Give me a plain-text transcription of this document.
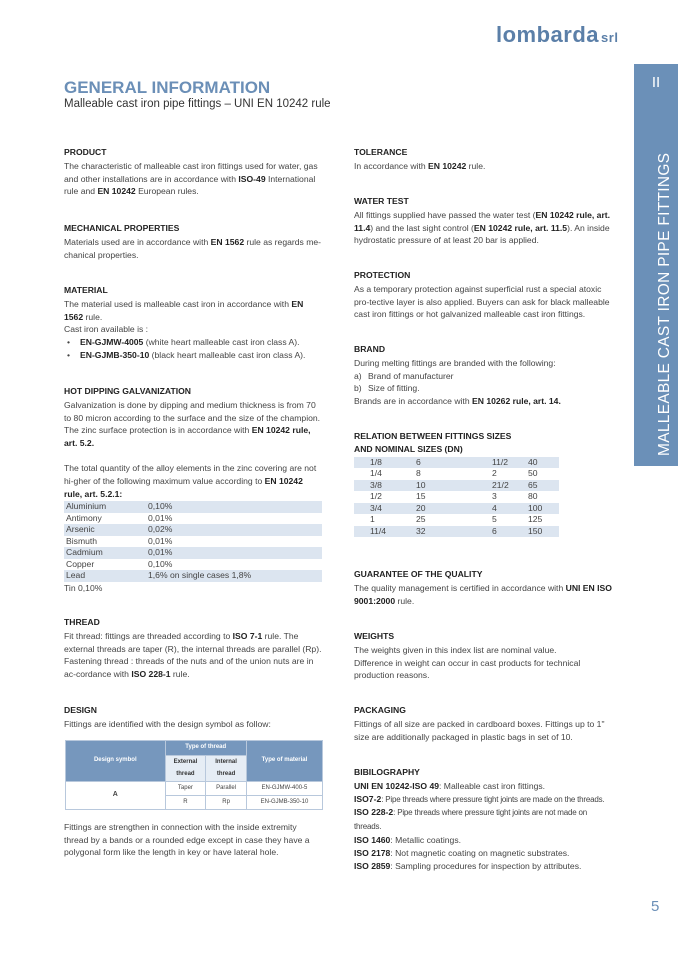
lombarda srl
II
MALLEABLE CAST IRON PIPE FITTINGS
GENERAL INFORMATION
Malleable cast iron pipe fittings – UNI EN 10242 rule
PRODUCT

The characteristic of malleable cast iron fittings used for water, gas and other installations are in accordance with ISO-49 International rule and EN 10242 European rules.

MECHANICAL PROPERTIES

Materials used are in accordance with EN 1562 rule as regards me-chanical properties.

MATERIAL

The material used is malleable cast iron in accordance with EN 1562 rule.

Cast iron available is :

• EN-GJMW-4005 (white heart malleable cast iron class A).
• EN-GJMB-350-10 (black heart malleable cast iron class A).
HOT DIPPING GALVANIZATION

Galvanization is done by dipping and medium thickness is from 70 to 80 micron according to the surface and the size of the champion.

The zinc surface protection is in accordance with EN 10242 rule, art. 5.2.

The total quantity of the alloy elements in the zinc covering are not hi-gher of the following maximum value according to EN 10242 rule, art. 5.2.1:

Aluminium	0,10%
Antimony	0,01%
Arsenic	0,02%
Bismuth	0,01%
Cadmium	0,01%
Copper	0,10%
Lead	1,6% on single cases 1,8%

Tin 0,10%

THREAD

Fit thread: fittings are threaded according to ISO 7-1 rule. The external threads are taper (R), the internal threads are parallel (Rp).

Fastening thread : threads of the nuts and of the union nuts are in ac-cordance with ISO 228-1 rule.

DESIGN

Fittings are identified with the design symbol as follow:

Design symbol	Type of thread		Type of material
	External thread	Internal thread	
A	Taper	Parallel	EN-GJMW-400-5
	R	Rp	EN-GJMB-350-10

Fittings are strengthen in connection with the inside extremity thread by a bands or a rounded edge except in case they have a polygonal form like the length in key or have lateral hole.

TOLERANCE

In accordance with EN 10242 rule.

WATER TEST

All fittings supplied have passed the water test (EN 10242 rule, art. 11.4) and the last sight control (EN 10242 rule, art. 11.5). An inside hydrostatic pressure of at least 20 bar is applied.

PROTECTION

As a temporary protection against superficial rust a special atoxic pro-tective layer is also applied. Buyers can ask for black malleable cast iron fittings or hot galvanized malleable cast iron fittings.

BRAND

During melting fittings are branded with the following:

a) Brand of manufacturer

b) Size of fitting.

Brands are in accordance with EN 10262 rule, art. 14.

RELATION BETWEEN FITTINGS SIZES
AND NOMINAL SIZES (DN)
1/8	6	11/2	40
1/4	8	2	50
3/8	10	21/2	65
1/2	15	3	80
3/4	20	4	100
1	25	5	125
11/4	32	6	150
GUARANTEE OF THE QUALITY

The quality management is certified in accordance with UNI EN ISO 9001:2000 rule.

WEIGHTS

The weights given in this index list are nominal value.

Difference in weight can occur in cast products for technical production reasons.

PACKAGING

Fittings of all size are packed in cardboard boxes. Fittings up to 1" size are additionally packaged in plastic bags in set of 10.

BIBILOGRAPHY

UNI EN 10242-ISO 49: Malleable cast iron fittings.

ISO7-2: Pipe threads where pressure tight joints are made on the threads.

ISO 228-2: Pipe threads where pressure tight joints are not made on threads.

ISO 1460: Metallic coatings.

ISO 2178: Not magnetic coating on magnetic substrates.

ISO 2859: Sampling procedures for inspection by attributes.

5
